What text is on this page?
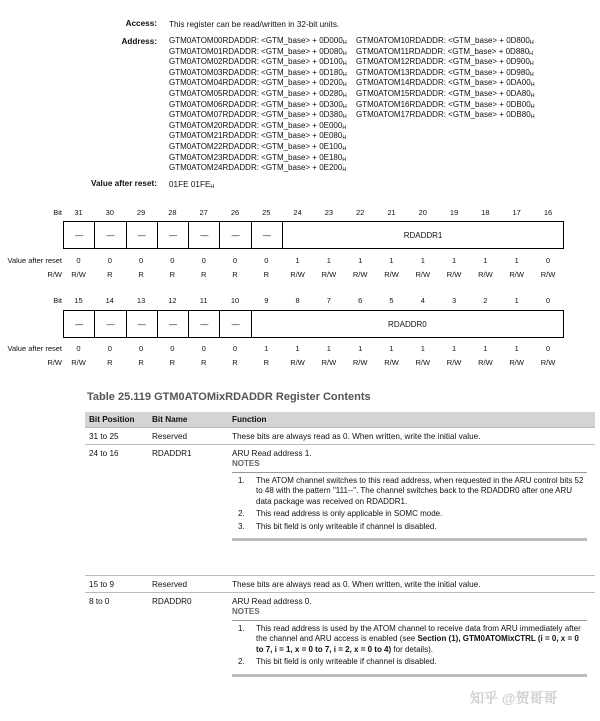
Access: This register can be read/written in 32-bit units.
Address: GTM0ATOM00RDADDR: <GTM_base> + $0D000_H$
GTM0ATOM01RDADDR: <GTM_base> + $0D080_H$
GTM0ATOM02RDADDR: <GTM_base> + $0D100_H$
GTM0ATOM03RDADDR: <GTM_base> + $0D180_H$
GTM0ATOM04RDADDR: <GTM_base> + $0D200_H$
GTM0ATOM05RDADDR: <GTM_base> + $0D280_H$
GTM0ATOM06RDADDR: <GTM_base> + $0D300_H$
GTM0ATOM07RDADDR: <GTM_base> + $0D380_H$
GTM0ATOM20RDADDR: <GTM_base> + $0E000_H$
GTM0ATOM21RDADDR: <GTM_base> + $0E080_H$
GTM0ATOM22RDADDR: <GTM_base> + $0E100_H$
GTM0ATOM23RDADDR: <GTM_base> + $0E180_H$
GTM0ATOM24RDADDR: <GTM_base> + $0E200_H$
GTM0ATOM10RDADDR: <GTM_base> + $0D800_H$
GTM0ATOM11RDADDR: <GTM_base> + $0D880_H$
GTM0ATOM12RDADDR: <GTM_base> + $0D900_H$
GTM0ATOM13RDADDR: <GTM_base> + $0D980_H$
GTM0ATOM14RDADDR: <GTM_base> + $0DA00_H$
GTM0ATOM15RDADDR: <GTM_base> + $0DA80_H$
GTM0ATOM16RDADDR: <GTM_base> + $0DB00_H$
GTM0ATOM17RDADDR: <GTM_base> + $0DB80_H$
Value after reset: 01FE $01FE_H$
Bit	31	30	29	28	27	26	25	24	23	22	21	20	19	18	17	16
—	—	—	—	—	—	—	RDADDR1
Value after reset	0	0	0	0	0	0	0	1	1	1	1	1	1	1	1	0
R/W	R/W	R	R	R	R	R	R	R/W	R/W	R/W	R/W	R/W	R/W	R/W	R/W	R/W
Bit	15	14	13	12	11	10	9	8	7	6	5	4	3	2	1	0
—	—	—	—	—	—	RDADDR0
Value after reset	0	0	0	0	0	0	1	1	1	1	1	1	1	1	1	0
R/W	R/W	R	R	R	R	R	R	R/W	R/W	R/W	R/W	R/W	R/W	R/W	R/W	R/W
Table 25.119 GTM0ATOMixRDADDR Register Contents
Bit Position	Bit Name	Function
31 to 25	Reserved	These bits are always read as 0. When written, write the initial value.
24 to 16	RDADDR1	ARU Read address 1.
NOTES
1.	The ATOM channel switches to this read address, when requested in the ARU control bits 52 to 48 with the pattern "111--". The channel switches back to the RDADDR0 after one ARU data package was received on RDADDR1.
2.	This read address is only applicable in SOMC mode.
3.	This bit field is only writeable if channel is disabled.
15 to 9	Reserved	These bits are always read as 0. When written, write the initial value.
8 to 0	RDADDR0	ARU Read address 0.
NOTES
1.	This read address is used by the ATOM channel to receive data from ARU immediately after the channel and ARU access is enabled (see Section (1), GTM0ATOMixCTRL (i = 0, x = 0 to 7, i = 1, x = 0 to 7, i = 2, x = 0 to 4) for details).
2.	This bit field is only writeable if channel is disabled.
知乎 @贺哥哥
